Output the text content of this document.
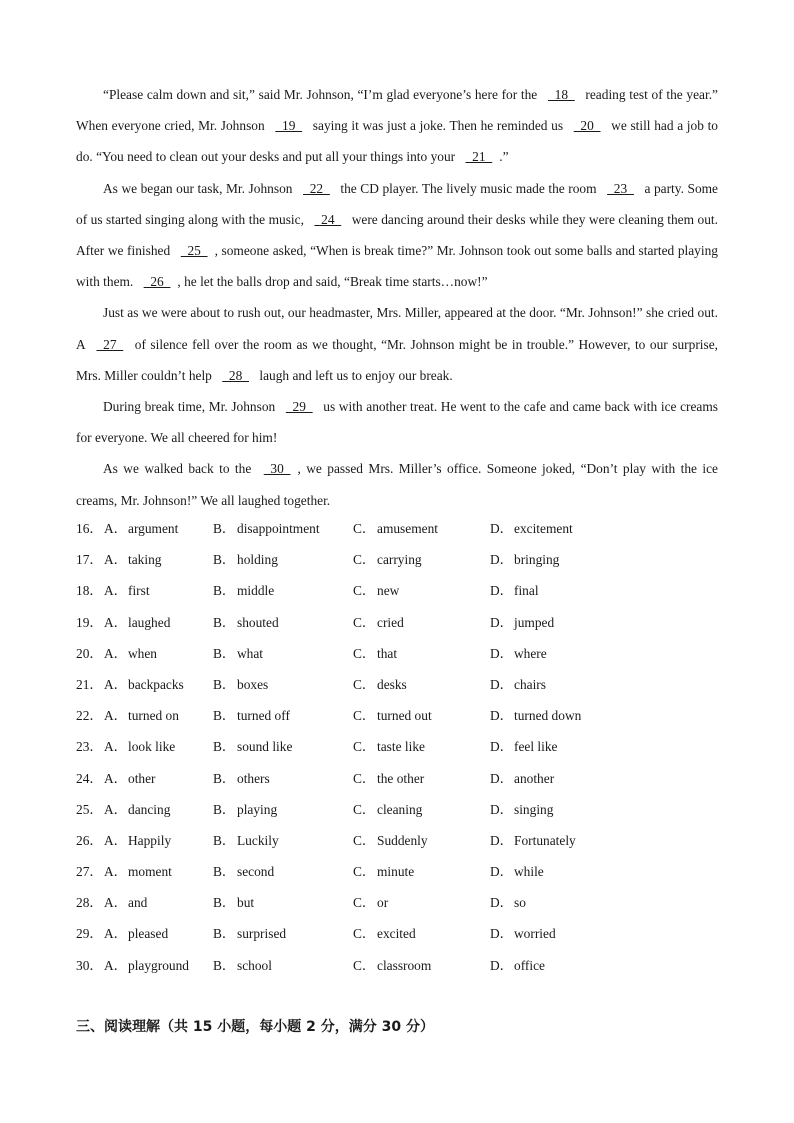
“Please calm down and sit,” said Mr. Johnson, “I’m glad everyone’s here for the   18   reading test of the year.” When everyone cried, Mr. Johnson   19   saying it was just a joke. Then he reminded us   20   we still had a job to do. “You need to clean out your desks and put all your things into your   21  .”

As we began our task, Mr. Johnson   22   the CD player. The lively music made the room   23   a party. Some of us started singing along with the music,   24   were dancing around their desks while they were cleaning them out. After we finished   25  , someone asked, “When is break time?” Mr. Johnson took out some balls and started playing with them.   26  , he let the balls drop and said, “Break time starts…now!”

Just as we were about to rush out, our headmaster, Mrs. Miller, appeared at the door. “Mr. Johnson!” she cried out. A   27   of silence fell over the room as we thought, “Mr. Johnson might be in trouble.” However, to our surprise, Mrs. Miller couldn’t help   28   laugh and left us to enjoy our break.

During break time, Mr. Johnson   29   us with another treat. He went to the cafe and came back with ice creams for everyone. We all cheered for him!

As we walked back to the   30  , we passed Mrs. Miller’s office. Someone joked, “Don’t play with the ice creams, Mr. Johnson!” We all laughed together.

16． A．argument	B． disappointment C． amusement	D．excitement
17． A．taking	B． holding	C． carrying	D．bringing
18． A．first	B． middle	C． new	D．final
19． A．laughed	B． shouted	C． cried	D．jumped
20． A．when	B． what	C． that	D．where
21． A．backpacks B． boxes	C． desks	D．chairs
22． A．turned on	B． turned off	C． turned out	D．turned down
23． A．look like	B． sound like	C． taste like	D．feel like
24． A．other	B． others	C． the other	D．another
25． A．dancing	B． playing	C． cleaning	D．singing
26． A．Happily	B． Luckily	C． Suddenly	D．Fortunately
27． A．moment	B． second	C． minute	D．while
28． A．and	B． but	C． or	D．so
29． A．pleased	B． surprised	C． excited	D．worried
30． A．playground B． school	C． classroom	D．office
三、阅读理解（共 15 小题，每小题 2 分，满分 30 分）
